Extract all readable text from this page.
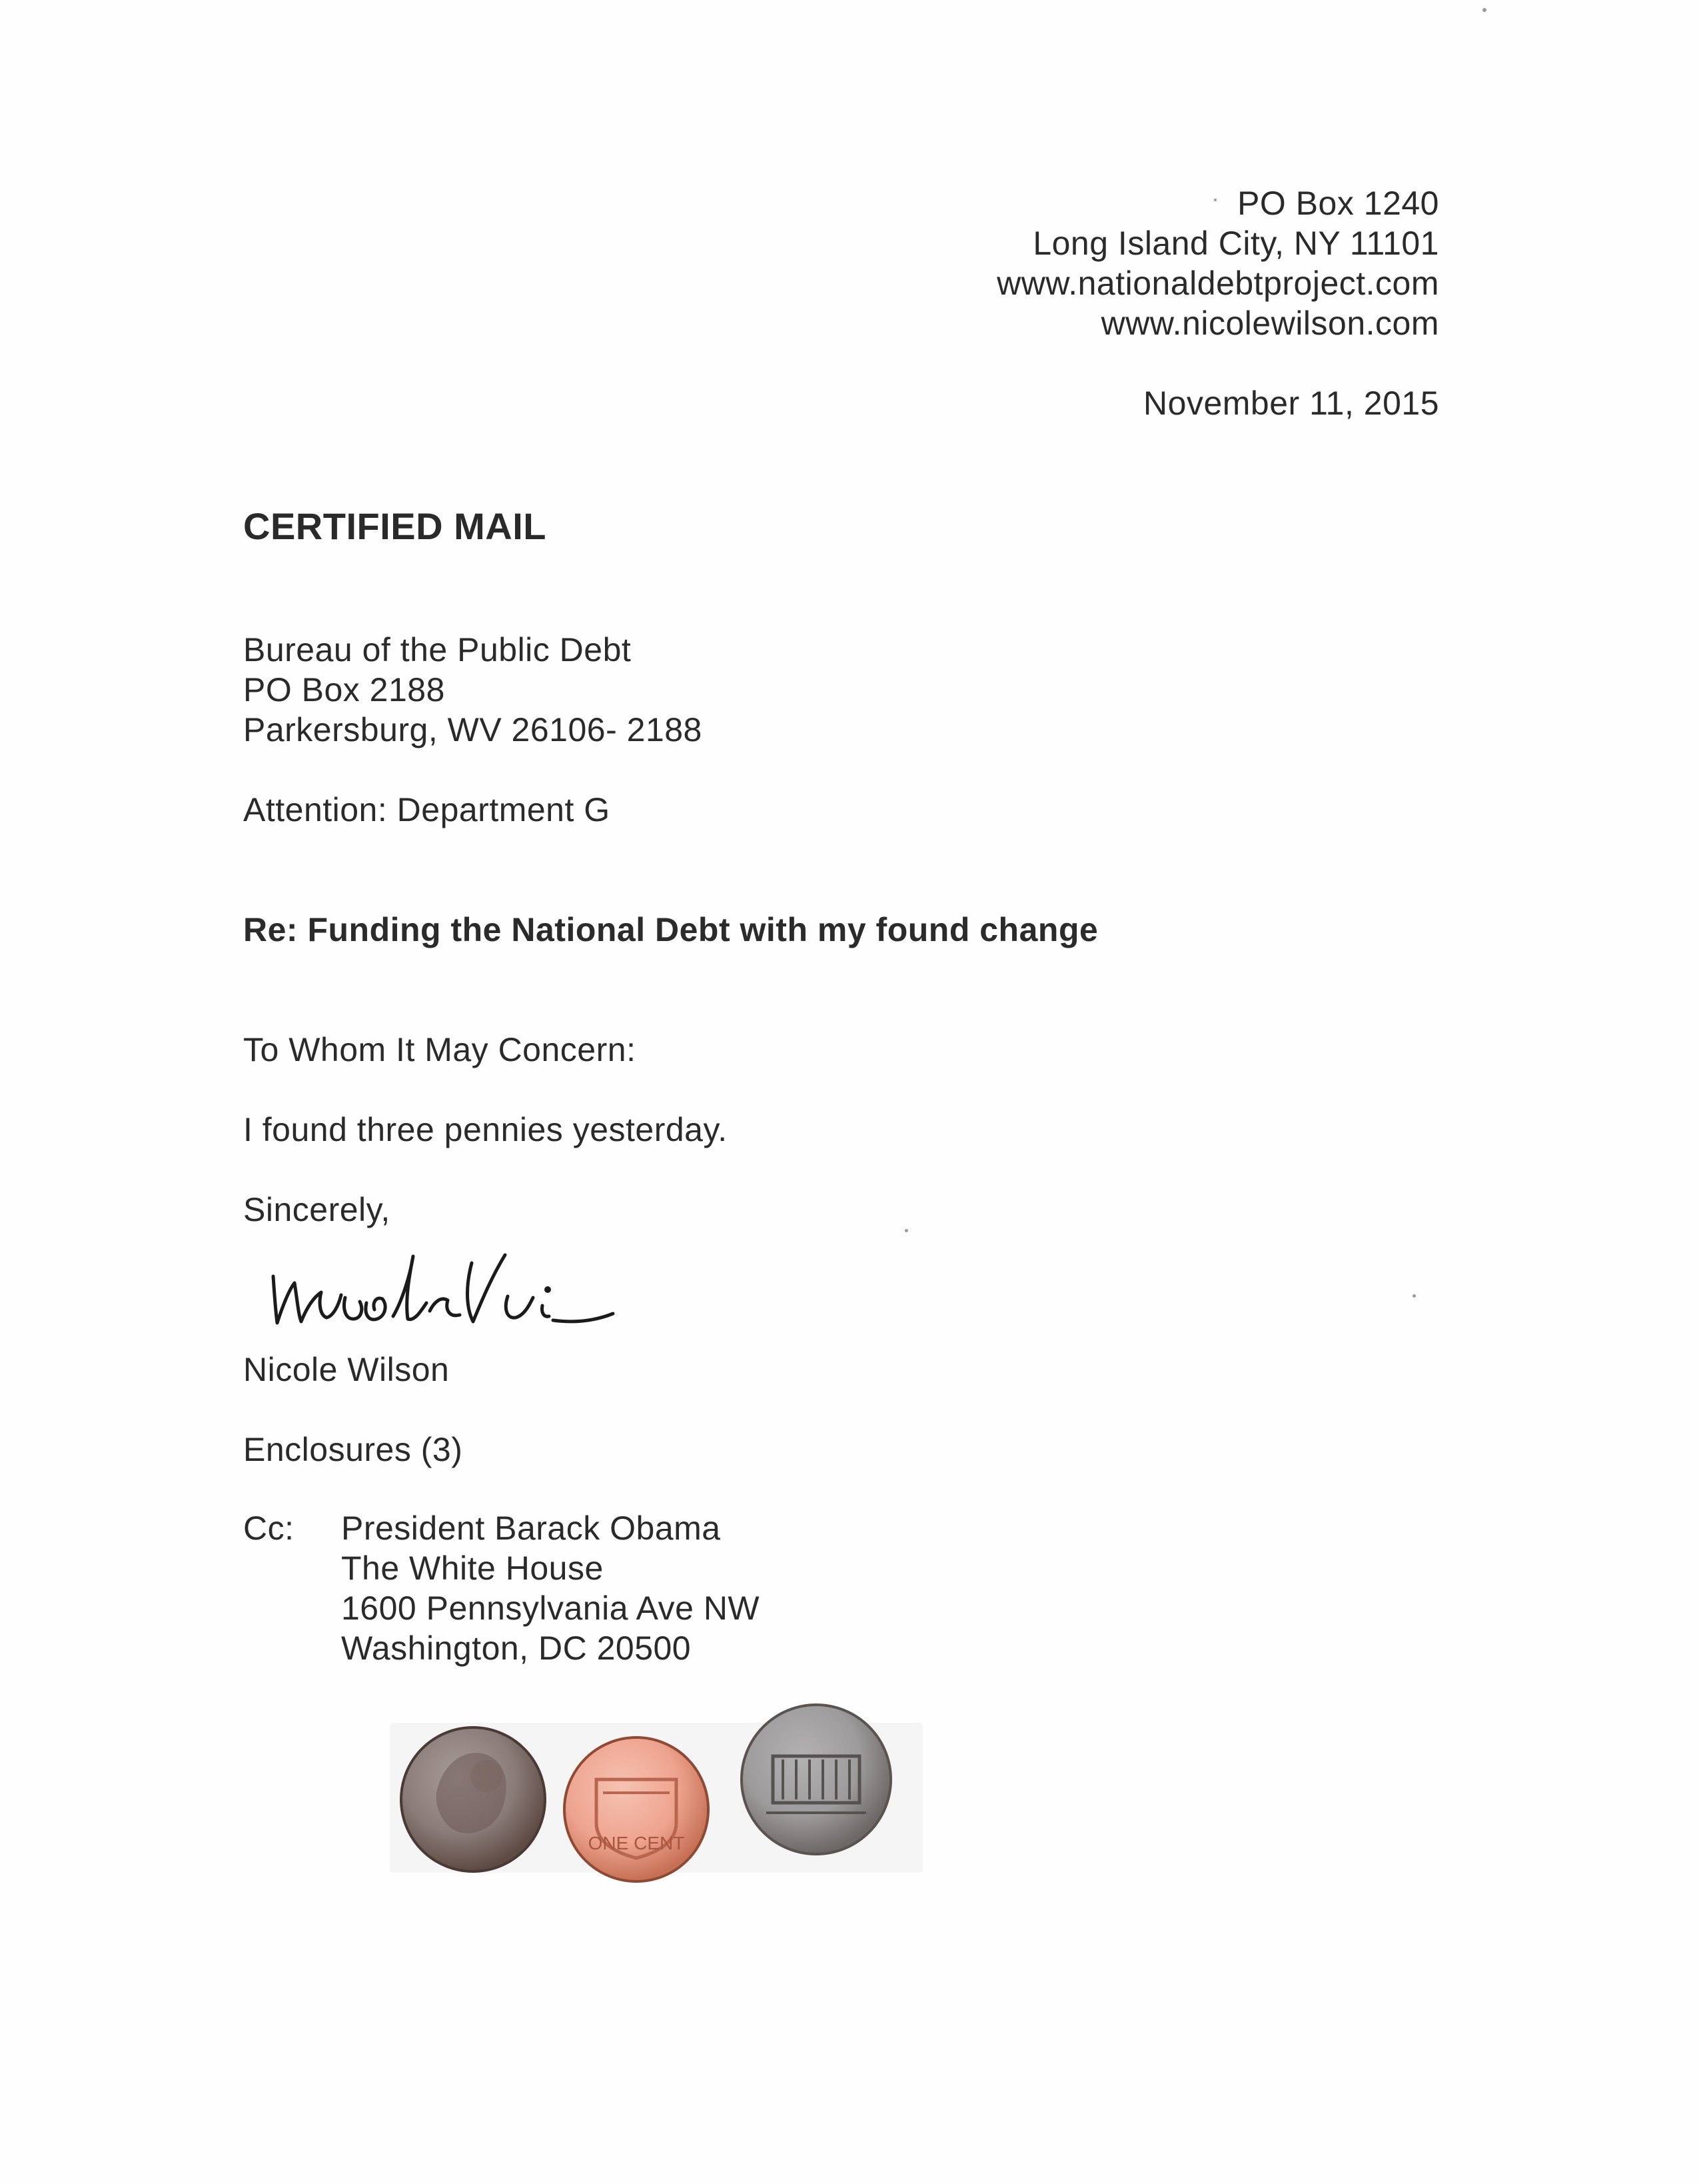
PO Box 1240
Long Island City, NY 11101
www.nationaldebtproject.com
www.nicolewilson.com
November 11, 2015
CERTIFIED MAIL
Bureau of the Public Debt
PO Box 2188
Parkersburg, WV 26106- 2188
Attention: Department G
Re: Funding the National Debt with my found change
To Whom It May Concern:
I found three pennies yesterday.
Sincerely,
Nicole Wilson
Enclosures (3)
Cc: President Barack Obama
The White House
1600 Pennsylvania Ave NW
Washington, DC 20500
ONE CENT
